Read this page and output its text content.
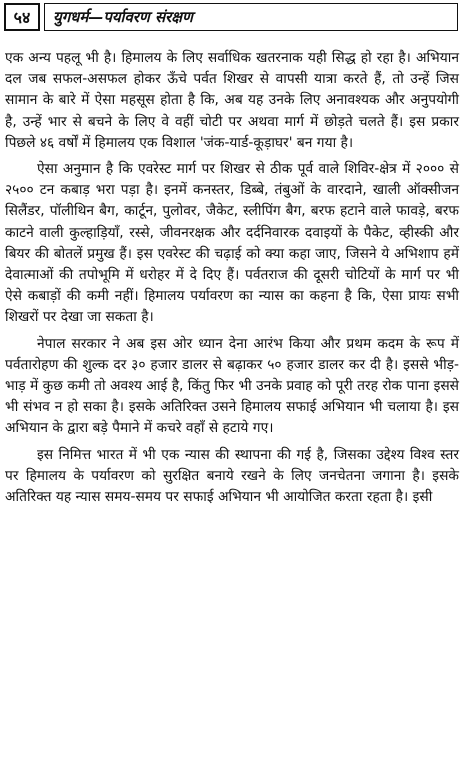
५४	युगधर्म—पर्यावरण संरक्षण

एक अन्य पहलू भी है। हिमालय के लिए सर्वाधिक खतरनाक यही सिद्ध हो रहा है। अभियान दल जब सफल-असफल होकर ऊँचे पर्वत शिखर से वापसी यात्रा करते हैं, तो उन्हें जिस सामान के बारे में ऐसा महसूस होता है कि, अब यह उनके लिए अनावश्यक और अनुपयोगी है, उन्हें भार से बचने के लिए वे वहीं चोटी पर अथवा मार्ग में छोड़ते चलते हैं। इस प्रकार पिछले ४६ वर्षों में हिमालय एक विशाल 'जंक-यार्ड-कूड़ाघर' बन गया है।

ऐसा अनुमान है कि एवरेस्ट मार्ग पर शिखर से ठीक पूर्व वाले शिविर-क्षेत्र में २००० से २५०० टन कबाड़ भरा पड़ा है। इनमें कनस्तर, डिब्बे, तंबुओं के वारदाने, खाली ऑक्सीजन सिलैंडर, पॉलीथिन बैग, कार्टून, पुलोवर, जैकेट, स्लीपिंग बैग, बरफ हटाने वाले फावड़े, बरफ काटने वाली कुल्हाड़ियाँ, रस्से, जीवनरक्षक और दर्दनिवारक दवाइयों के पैकेट, व्हीस्की और बियर की बोतलें प्रमुख हैं। इस एवरेस्ट की चढ़ाई को क्या कहा जाए, जिसने ये अभिशाप हमें देवात्माओं की तपोभूमि में धरोहर में दे दिए हैं। पर्वतराज की दूसरी चोटियों के मार्ग पर भी ऐसे कबाड़ों की कमी नहीं। हिमालय पर्यावरण का न्यास का कहना है कि, ऐसा प्रायः सभी शिखरों पर देखा जा सकता है।

नेपाल सरकार ने अब इस ओर ध्यान देना आरंभ किया और प्रथम कदम के रूप में पर्वतारोहण की शुल्क दर ३० हजार डालर से बढ़ाकर ५० हजार डालर कर दी है। इससे भीड़-भाड़ में कुछ कमी तो अवश्य आई है, किंतु फिर भी उनके प्रवाह को पूरी तरह रोक पाना इससे भी संभव न हो सका है। इसके अतिरिक्त उसने हिमालय सफाई अभियान भी चलाया है। इस अभियान के द्वारा बड़े पैमाने में कचरे वहाँ से हटाये गए।

इस निमित्त भारत में भी एक न्यास की स्थापना की गई है, जिसका उद्देश्य विश्व स्तर पर हिमालय के पर्यावरण को सुरक्षित बनाये रखने के लिए जनचेतना जगाना है। इसके अतिरिक्त यह न्यास समय-समय पर सफाई अभियान भी आयोजित करता रहता है। इसी
